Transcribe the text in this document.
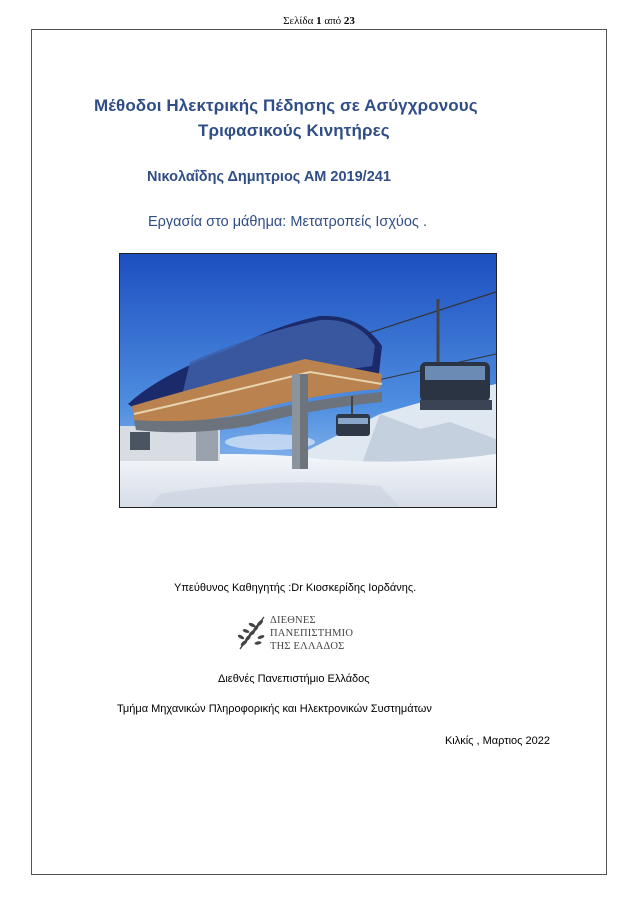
Σελίδα 1 από 23
Μέθοδοι Ηλεκτρικής Πέδησης σε Ασύγχρονους
Τριφασικούς Κινητήρες
Νικολαΐδης Δημητριος ΑΜ 2019/241
Εργασία στο μάθημα: Μετατροπείς Ισχύος .
Υπεύθυνος Καθηγητής :Dr Κιοσκερίδης Ιορδάνης.
ΔΙΕΘΝΕΣ
ΠΑΝΕΠΙΣΤΗΜΙΟ
ΤΗΣ ΕΛΛΑΔΟΣ
Διεθνές Πανεπιστήμιο Ελλάδος
Τμήμα Μηχανικών Πληροφορικής και Ηλεκτρονικών Συστημάτων
Κιλκίς , Μαρτιος 2022
